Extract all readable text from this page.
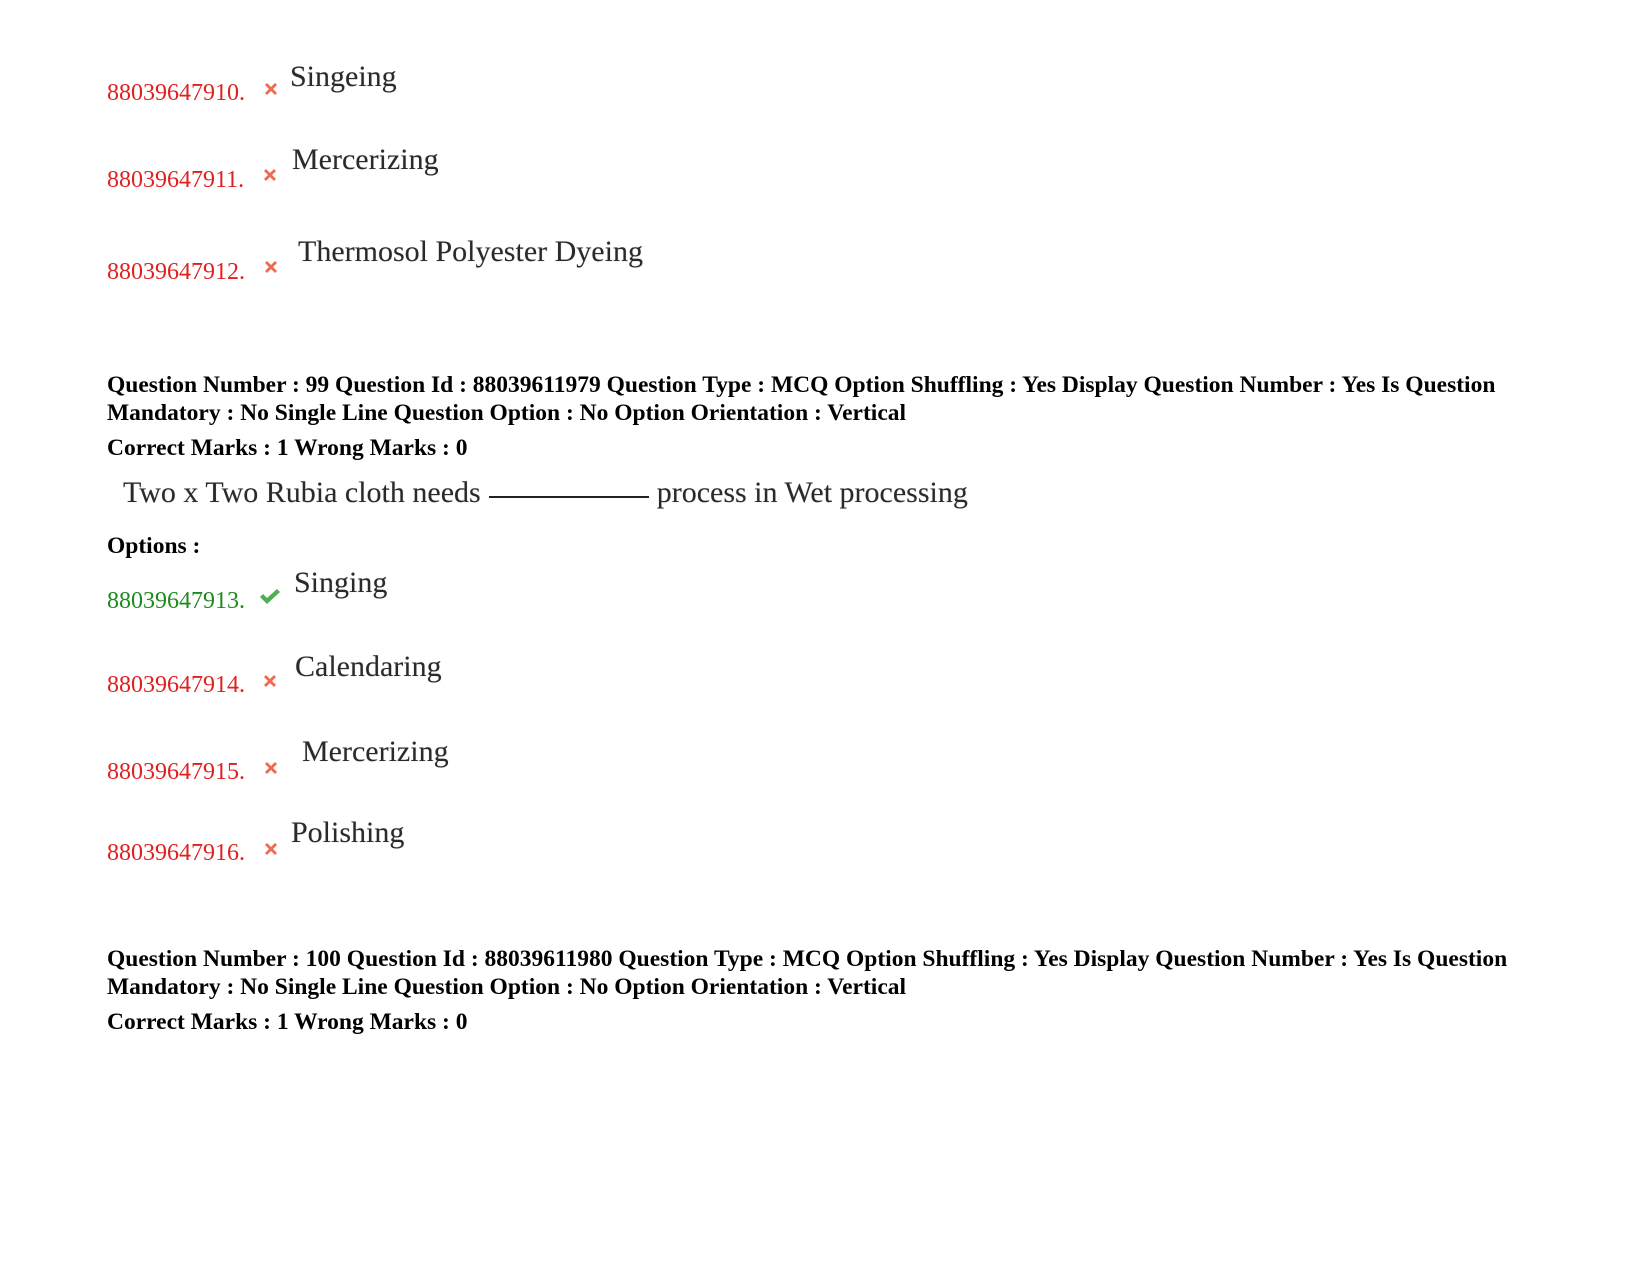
88039647910. Singeing
88039647911.
Mercerizing
88039647912.
Thermosol Polyester Dyeing
Question Number : 99 Question Id : 88039611979 Question Type : MCQ Option Shuffling : Yes Display Question Number : Yes Is Question Mandatory : No Single Line Question Option : No Option Orientation : Vertical
Correct Marks : 1 Wrong Marks : 0
Two x Two Rubia cloth needs	process in Wet processing
Options :
88039647913.
Singing
88039647914.
Calendaring
88039647915.
Mercerizing
88039647916.
Polishing
Question Number : 100 Question Id : 88039611980 Question Type : MCQ Option Shuffling : Yes Display Question Number : Yes Is Question Mandatory : No Single Line Question Option : No Option Orientation : Vertical
Correct Marks : 1 Wrong Marks : 0
